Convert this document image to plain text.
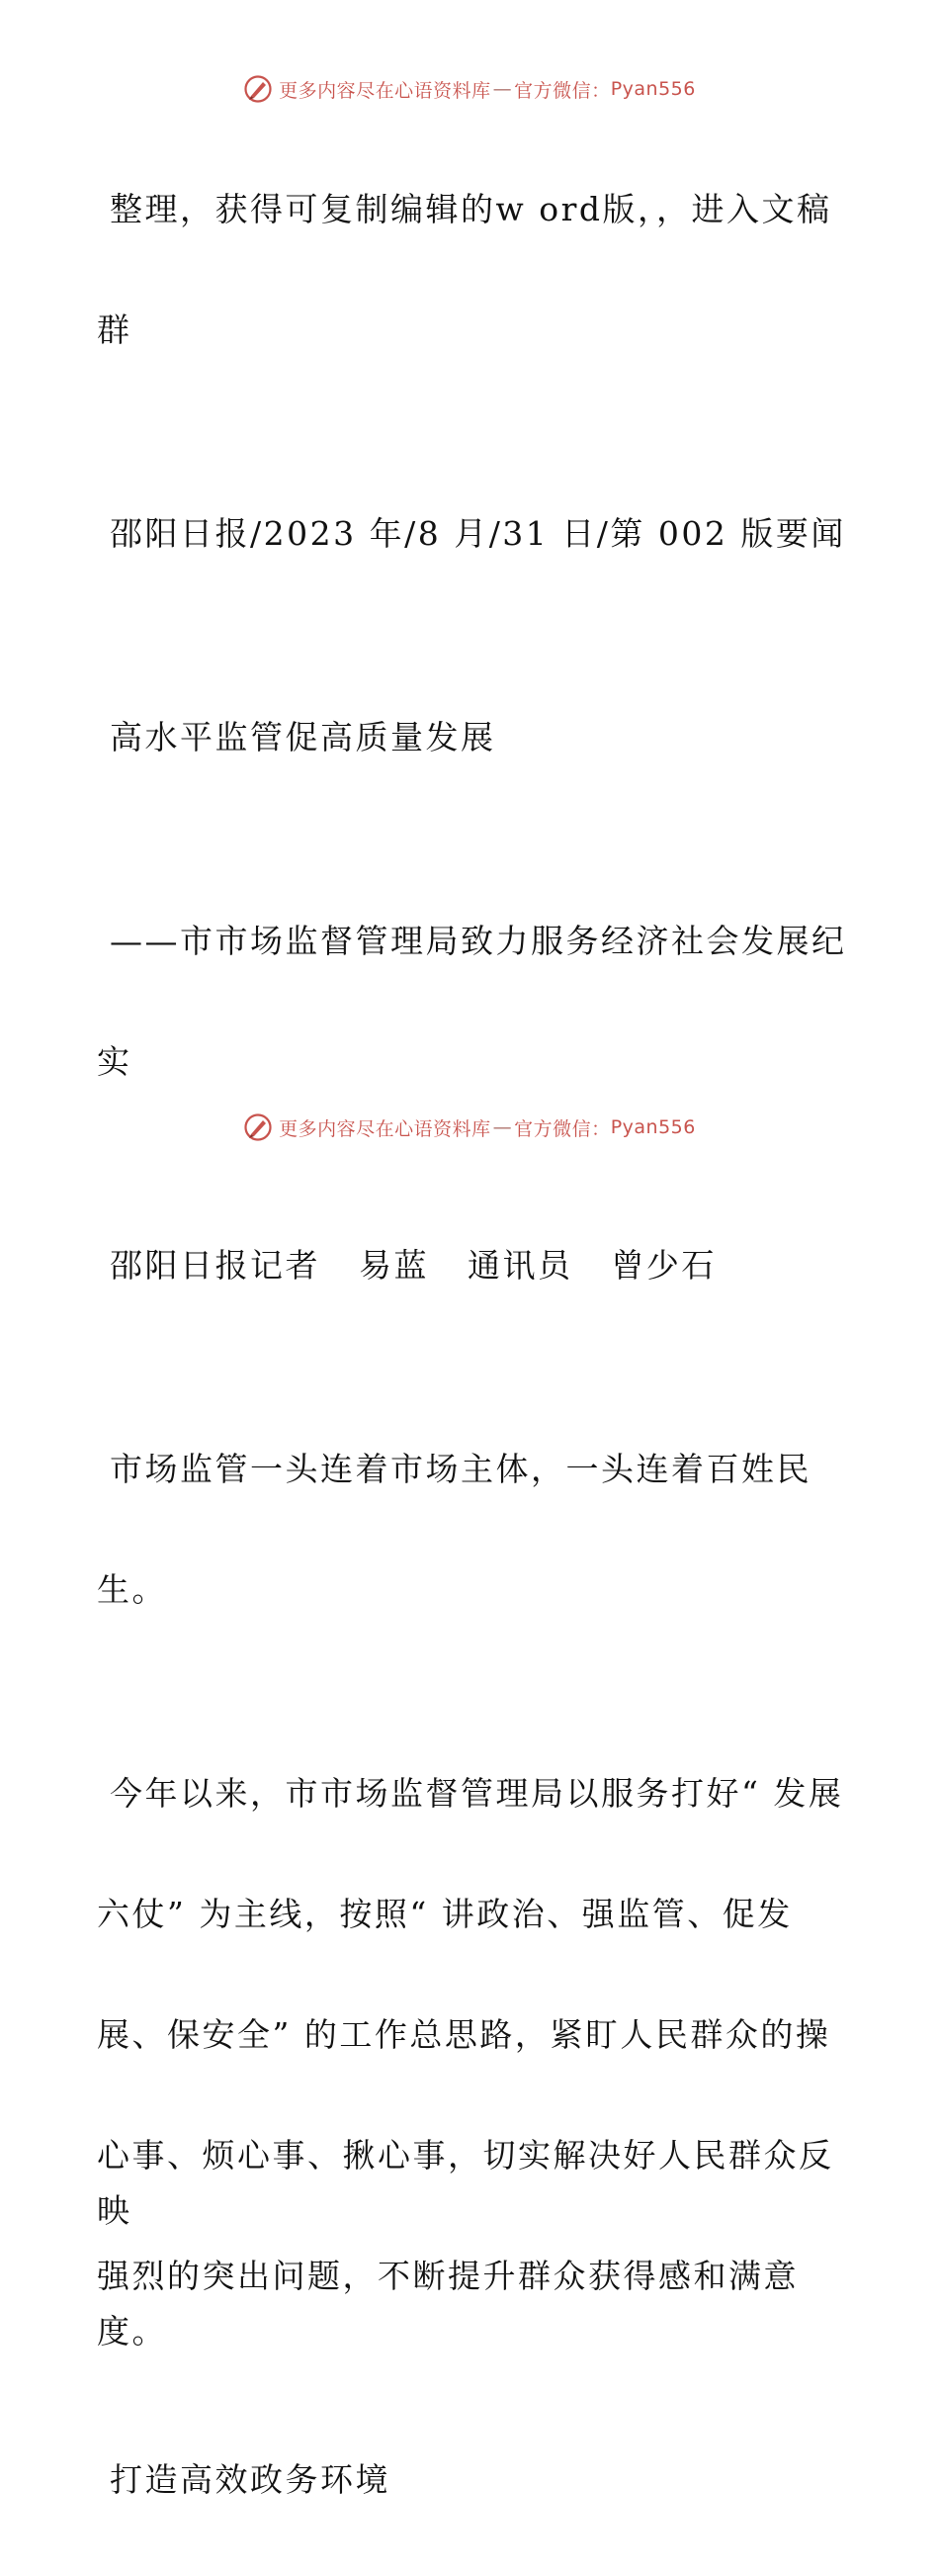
更多内容尽在心语资料库 — 官方微信： Pyan556

整理，获得可复制编辑的w ord版，，进入文稿

群

邵阳日报/2023 年/8 月/31 日/第 002 版要闻

高水平监管促高质量发展

——市市场监督管理局致力服务经济社会发展纪

实

邵阳日报记者   易蓝   通讯员   曾少石

市场监管一头连着市场主体，一头连着百姓民

生。

今年以来，市市场监督管理局以服务打好“ 发展

六仗” 为主线，按照“ 讲政治、强监管、促发

展、保安全” 的工作总思路，紧盯人民群众的操

心事、烦心事、揪心事，切实解决好人民群众反映

强烈的突出问题，不断提升群众获得感和满意度。

打造高效政务环境

更多内容尽在心语资料库 — 官方微信： Pyan556
